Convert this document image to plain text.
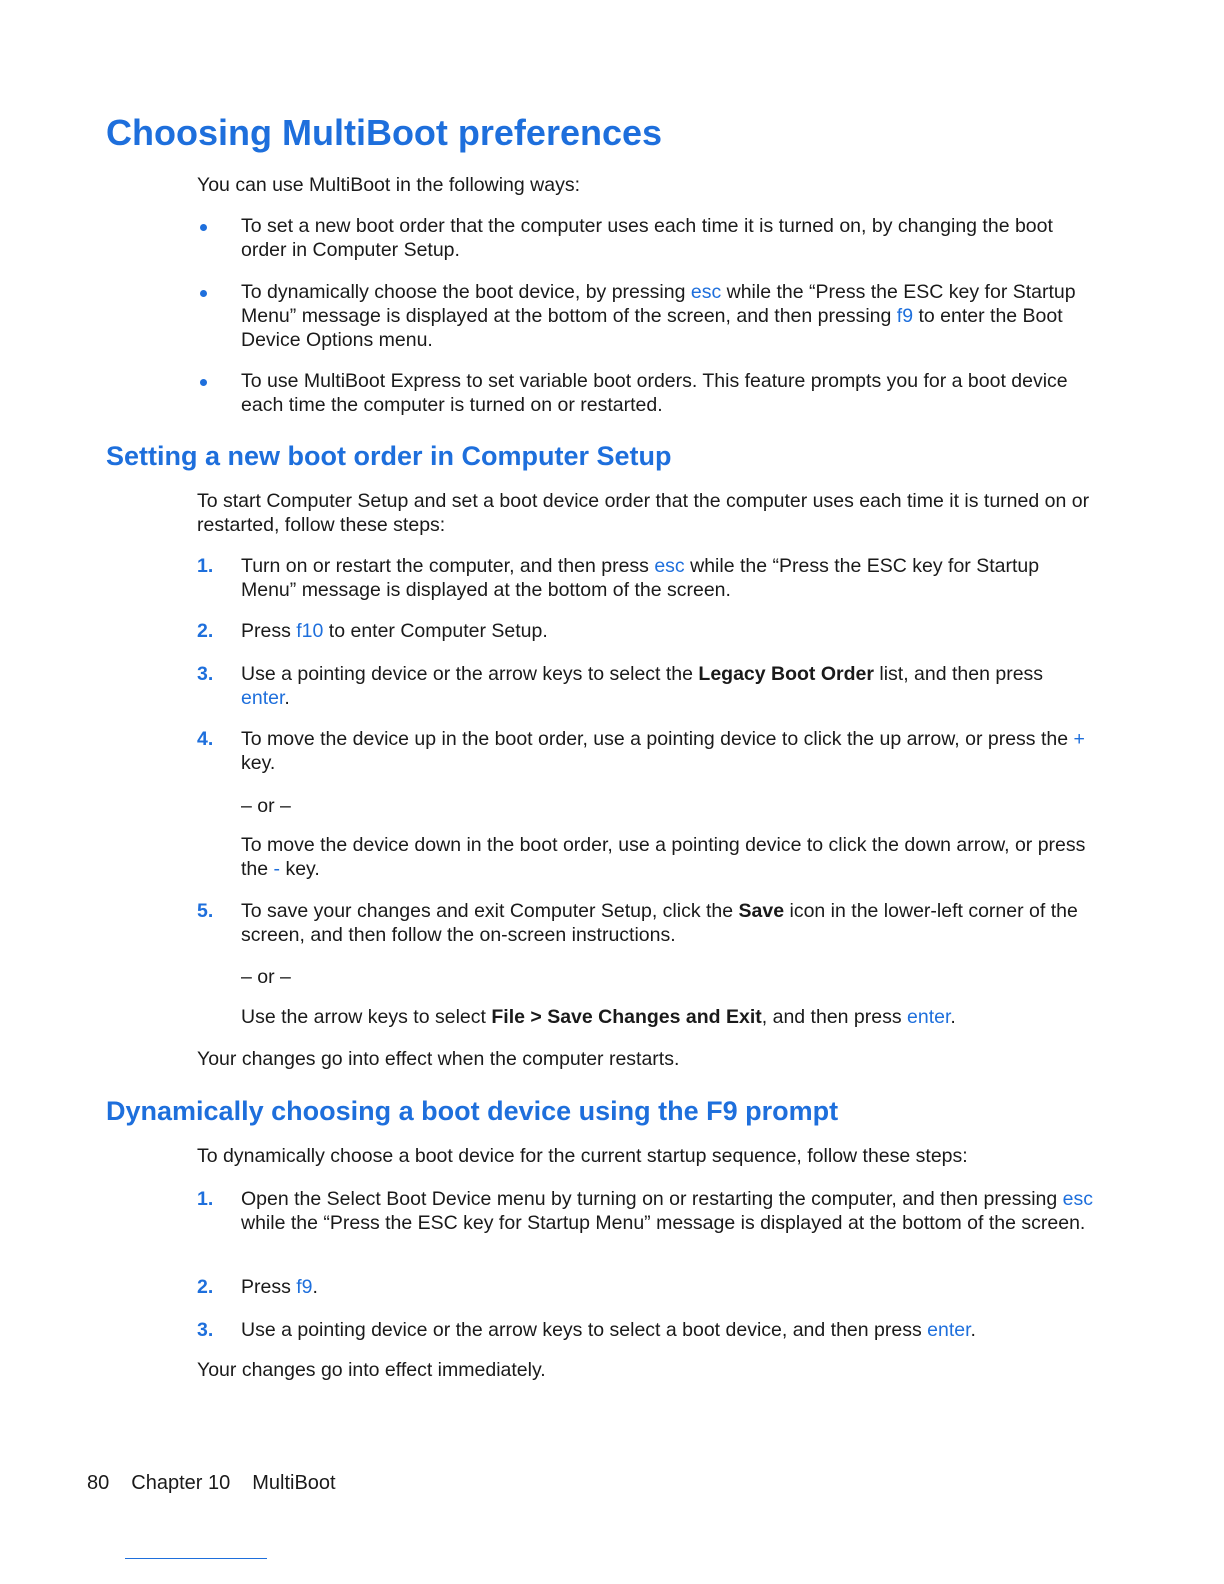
Choosing MultiBoot preferences

You can use MultiBoot in the following ways:

To set a new boot order that the computer uses each time it is turned on, by changing the boot order in Computer Setup.
To dynamically choose the boot device, by pressing esc while the “Press the ESC key for Startup Menu” message is displayed at the bottom of the screen, and then pressing f9 to enter the Boot Device Options menu.
To use MultiBoot Express to set variable boot orders. This feature prompts you for a boot device each time the computer is turned on or restarted.
Setting a new boot order in Computer Setup

To start Computer Setup and set a boot device order that the computer uses each time it is turned on or restarted, follow these steps:

1. Turn on or restart the computer, and then press esc while the “Press the ESC key for Startup Menu” message is displayed at the bottom of the screen.
2. Press f10 to enter Computer Setup.
3. Use a pointing device or the arrow keys to select the Legacy Boot Order list, and then press enter.
4. To move the device up in the boot order, use a pointing device to click the up arrow, or press the + key.
– or –
To move the device down in the boot order, use a pointing device to click the down arrow, or press the - key.
5. To save your changes and exit Computer Setup, click the Save icon in the lower-left corner of the screen, and then follow the on-screen instructions.
– or –
Use the arrow keys to select File > Save Changes and Exit, and then press enter.

Your changes go into effect when the computer restarts.

Dynamically choosing a boot device using the F9 prompt

To dynamically choose a boot device for the current startup sequence, follow these steps:

1. Open the Select Boot Device menu by turning on or restarting the computer, and then pressing esc while the “Press the ESC key for Startup Menu” message is displayed at the bottom of the screen.
2. Press f9.
3. Use a pointing device or the arrow keys to select a boot device, and then press enter.

Your changes go into effect immediately.

80 Chapter 10 MultiBoot
